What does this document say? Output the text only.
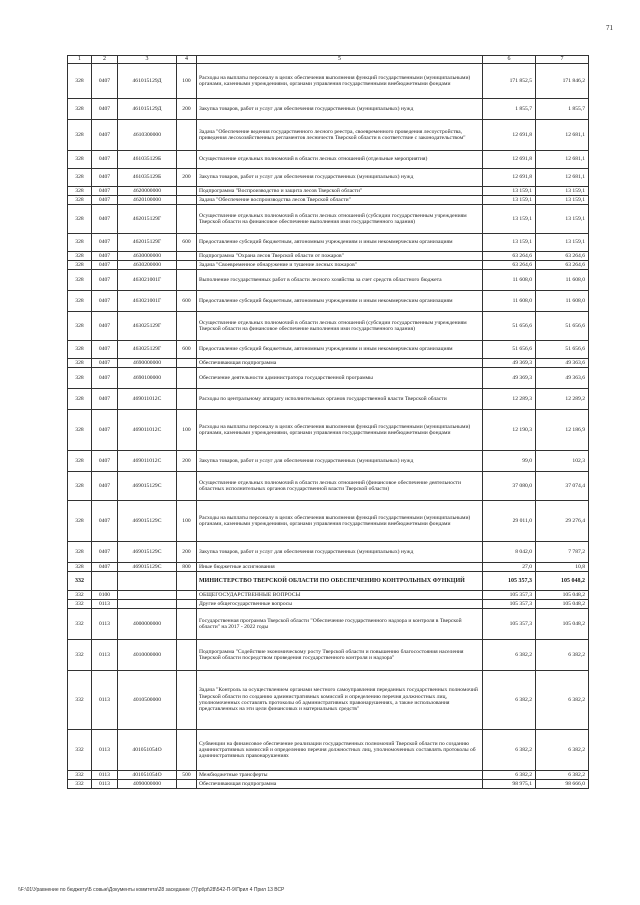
71
1	2	3	4	5	6	7
328	0407	461015129Д	100	Расходы на выплаты персоналу в целях обеспечения выполнения функций государственными (муниципальными) органами, казенными учреждениями, органами управления государственными внебюджетными фондами	171 852,5	171 846,2
328	0407	461015129Д	200	Закупка товаров, работ и услуг для обеспечения государственных (муниципальных) нужд	1 855,7	1 855,7
328	0407	4610300000		Задача "Обеспечение ведения государственного лесного реестра, своевременного проведения лесоустройства, приведения лесохозяйственных регламентов лесничеств Тверской области в соответствие с законодательством"	12 691,8	12 681,1
328	0407	461035129Б		Осуществление отдельных полномочий в области лесных отношений (отдельные мероприятия)	12 691,8	12 681,1
328	0407	461035129Б	200	Закупка товаров, работ и услуг для обеспечения государственных (муниципальных) нужд	12 691,8	12 681,1
328	0407	4620000000		Подпрограмма "Воспроизводство и защита лесов Тверской области"	13 159,1	13 159,1
328	0407	4620100000		Задача "Обеспечение воспроизводства лесов Тверской области"	13 159,1	13 159,1
328	0407	462015129Г		Осуществление отдельных полномочий в области лесных отношений (субсидии государственным учреждениям Тверской области на финансовое обеспечение выполнения ими государственного задания)	13 159,1	13 159,1
328	0407	462015129Г	600	Предоставление субсидий бюджетным, автономным учреждениям и иным некоммерческим организациям	13 159,1	13 159,1
328	0407	4630000000		Подпрограмма "Охрана лесов Тверской области от пожаров"	63 264,6	63 264,6
328	0407	4630200000		Задача "Своевременное обнаружение и тушение лесных пожаров"	63 264,6	63 264,6
328	0407	463021001Г		Выполнение государственных работ в области лесного хозяйства за счет средств областного бюджета	11 608,0	11 608,0
328	0407	463021001Г	600	Предоставление субсидий бюджетным, автономным учреждениям и иным некоммерческим организациям	11 608,0	11 608,0
328	0407	463025129Г		Осуществление отдельных полномочий в области лесных отношений (субсидии государственным учреждениям Тверской области на финансовое обеспечение выполнения ими государственного задания)	51 656,6	51 656,6
328	0407	463025129Г	600	Предоставление субсидий бюджетным, автономным учреждениям и иным некоммерческим организациям	51 656,6	51 656,6
328	0407	4690000000		Обеспечивающая подпрограмма	49 369,3	49 363,6
328	0407	4690100000		Обеспечение деятельности администратора государственной программы	49 369,3	49 363,6
328	0407	469011012С		Расходы по центральному аппарату исполнительных органов государственной власти Тверской области	12 289,3	12 289,2
328	0407	469011012С	100	Расходы на выплаты персоналу в целях обеспечения выполнения функций государственными (муниципальными) органами, казенными учреждениями, органами управления государственными внебюджетными фондами	12 190,3	12 186,9
328	0407	469011012С	200	Закупка товаров, работ и услуг для обеспечения государственных (муниципальных) нужд	99,0	102,3
328	0407	469015129С		Осуществление отдельных полномочий в области лесных отношений (финансовое обеспечение деятельности областных исполнительных органов государственной власти Тверской области)	37 080,0	37 074,4
328	0407	469015129С	100	Расходы на выплаты персоналу в целях обеспечения выполнения функций государственными (муниципальными) органами, казенными учреждениями, органами управления государственными внебюджетными фондами	29 011,0	29 276,4
328	0407	469015129С	200	Закупка товаров, работ и услуг для обеспечения государственных (муниципальных) нужд	8 042,0	7 787,2
328	0407	469015129С	800	Иные бюджетные ассигнования	27,0	10,8
332				МИНИСТЕРСТВО ТВЕРСКОЙ ОБЛАСТИ ПО ОБЕСПЕЧЕНИЮ КОНТРОЛЬНЫХ ФУНКЦИЙ	105 357,3	105 048,2
332	0100			ОБЩЕГОСУДАРСТВЕННЫЕ ВОПРОСЫ	105 357,3	105 048,2
332	0113			Другие общегосударственные вопросы	105 357,3	105 048,2
332	0113	4000000000		Государственная программа Тверской области "Обеспечение государственного надзора и контроля в Тверской области" на 2017 - 2022 годы	105 357,3	105 048,2
332	0113	4010000000		Подпрограмма "Содействие экономическому росту Тверской области и повышению благосостояния населения Тверской области посредством проведения государственного контроля и надзора"	6 382,2	6 382,2
332	0113	4010500000		Задача "Контроль за осуществлением органами местного самоуправления переданных государственных полномочий Тверской области по созданию административных комиссий и определению перечня должностных лиц, уполномоченных составлять протоколы об административных правонарушениях, а также использования представленных на эти цели финансовых и материальных средств"	6 382,2	6 382,2
332	0113	401051054О		Субвенции на финансовое обеспечение реализации государственных полномочий Тверской области по созданию административных комиссий и определению перечня должностных лиц, уполномоченных составлять протоколы об административных правонарушениях	6 382,2	6 382,2
332	0113	401051054О	500	Межбюджетные трансферты	6 382,2	6 382,2
332	0113	4090000000		Обеспечивающая подпрограмма	98 975,1	98 666,0
\\F:\01\Уравнение по бюджету\Б совые\Документы комитета\28 заседание (7)\pt\pt\28\542-П-9\Прил 4 Прил 13 ВСР
